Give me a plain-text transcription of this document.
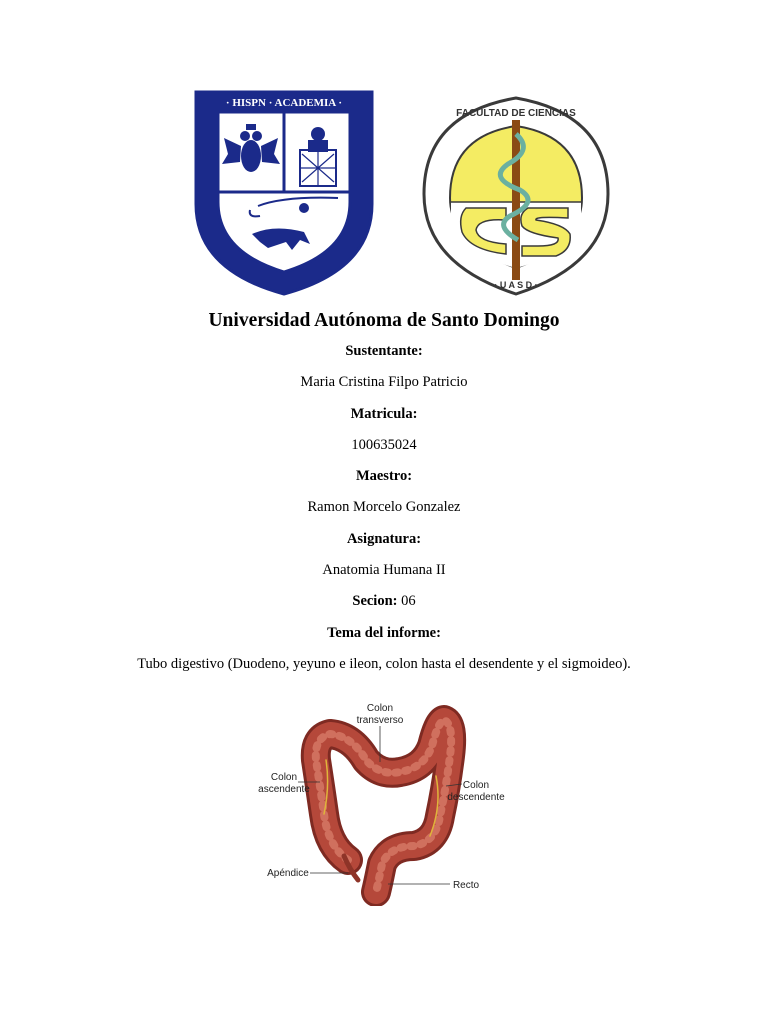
· HISPN · ACADEMIA ·
FACULTAD DE CIENCIAS
· U A S D ·

Universidad Autónoma de Santo Domingo

Sustentante:

Maria Cristina Filpo Patricio

Matricula:

100635024

Maestro:

Ramon Morcelo Gonzalez

Asignatura:

Anatomia Humana II

Secion: 06

Tema del informe:

Tubo digestivo (Duodeno, yeyuno e ileon, colon hasta el desendente y el sigmoideo).

Colon
transverso
Colon
ascendente	Colon
descendente
Apéndice
Recto
